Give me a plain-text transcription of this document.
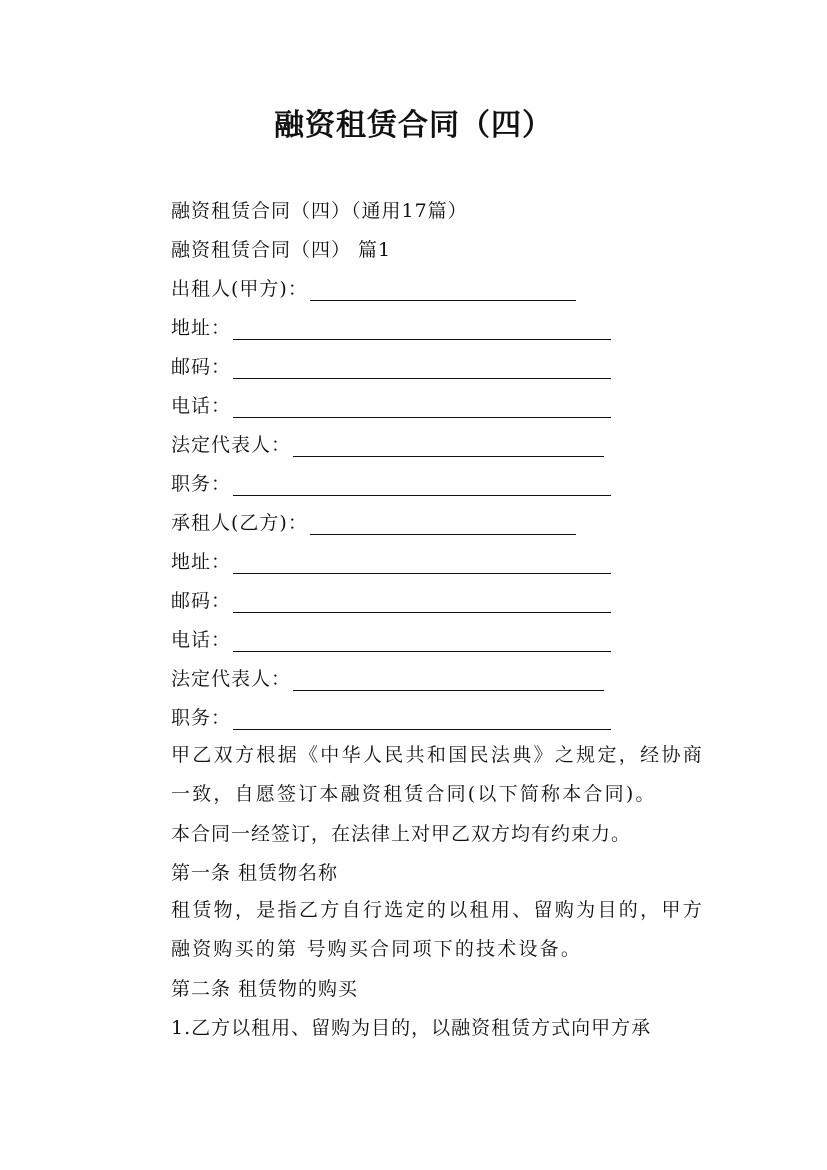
融资租赁合同（四）
融资租赁合同（四）（通用17篇）
融资租赁合同（四） 篇1
出租人(甲方)：
地址：
邮码：
电话：
法定代表人：
职务：
承租人(乙方)：
地址：
邮码：
电话：
法定代表人：
职务：
甲乙双方根据《中华人民共和国民法典》之规定，经协商一致，自愿签订本融资租赁合同(以下简称本合同)。
本合同一经签订，在法律上对甲乙双方均有约束力。
第一条 租赁物名称
租赁物，是指乙方自行选定的以租用、留购为目的，甲方融资购买的第 号购买合同项下的技术设备。
第二条 租赁物的购买
1.乙方以租用、留购为目的，以融资租赁方式向甲方承
